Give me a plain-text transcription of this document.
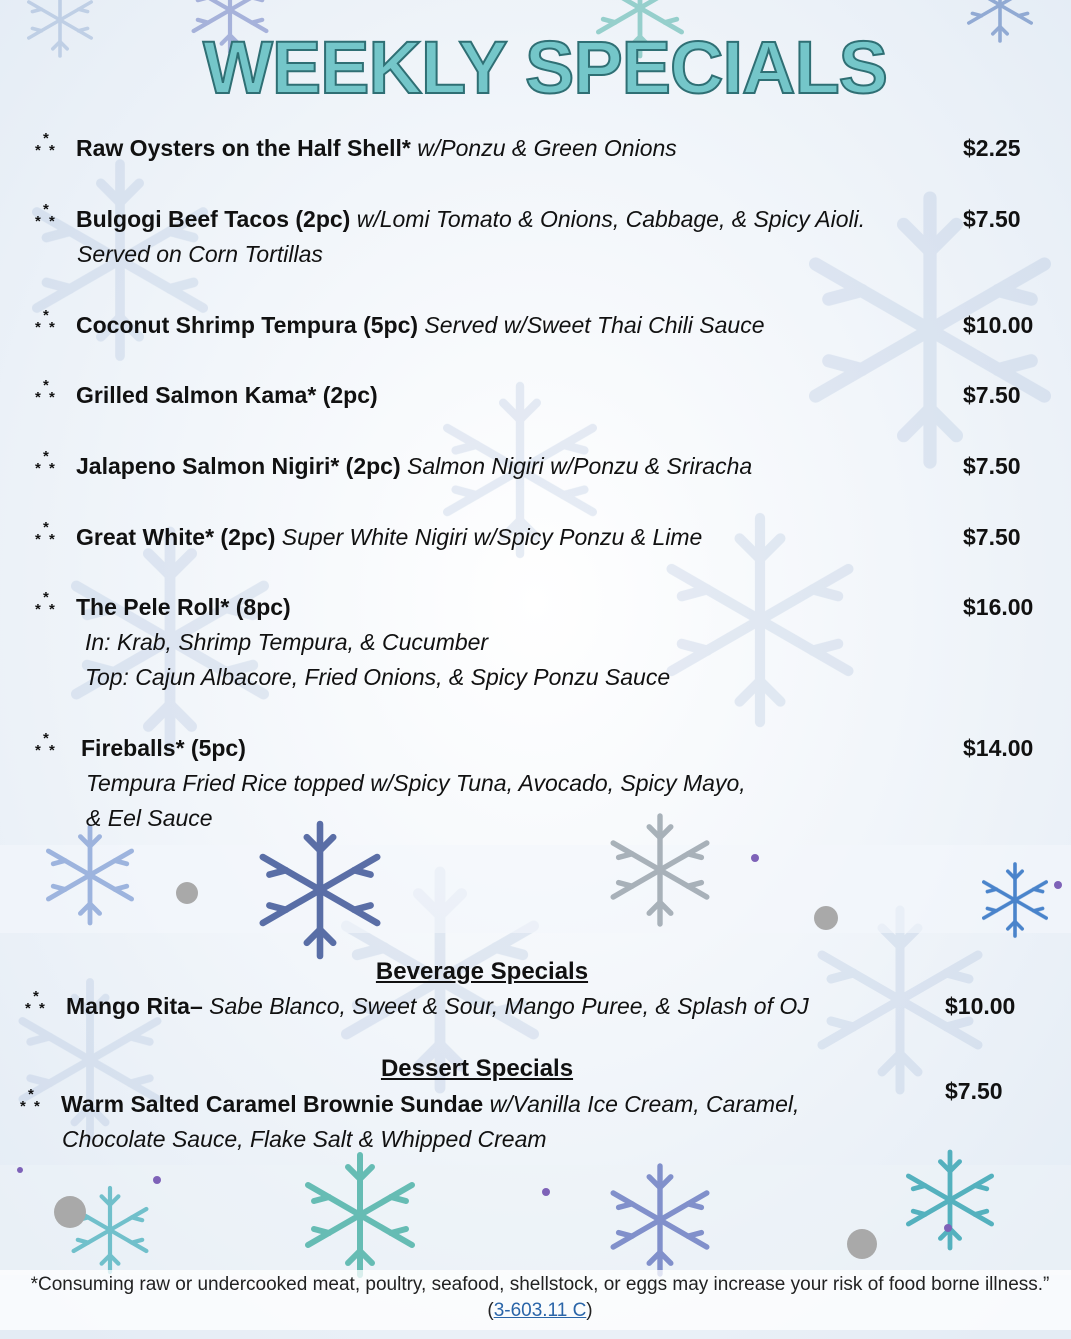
WEEKLY SPECIALS
*
* * Raw Oysters on the Half Shell* w/Ponzu & Green Onions	$2.25
*
* * Bulgogi Beef Tacos (2pc) w/Lomi Tomato & Onions, Cabbage, & Spicy Aioli.
Served on Corn Tortillas
$7.50
*
* * Coconut Shrimp Tempura (5pc) Served w/Sweet Thai Chili Sauce	$10.00
*
* * Grilled Salmon Kama* (2pc)	$7.50
*
* * Jalapeno Salmon Nigiri* (2pc) Salmon Nigiri w/Ponzu & Sriracha	$7.50
*
* * Great White* (2pc) Super White Nigiri w/Spicy Ponzu & Lime	$7.50
*
* * The Pele Roll* (8pc)
In: Krab, Shrimp Tempura, & Cucumber
Top: Cajun Albacore, Fried Onions, & Spicy Ponzu Sauce
$16.00
*
* * Fireballs* (5pc)
Tempura Fried Rice topped w/Spicy Tuna, Avocado, Spicy Mayo,
& Eel Sauce
$14.00
Beverage Specials
*
* * Mango Rita– Sabe Blanco, Sweet & Sour, Mango Puree, & Splash of OJ	$10.00
Dessert Specials
*
* * Warm Salted Caramel Brownie Sundae w/Vanilla Ice Cream, Caramel,
Chocolate Sauce, Flake Salt & Whipped Cream
$7.50
*Consuming raw or undercooked meat, poultry, seafood, shellstock, or eggs may increase your risk of food borne illness.” (3-603.11 C)
